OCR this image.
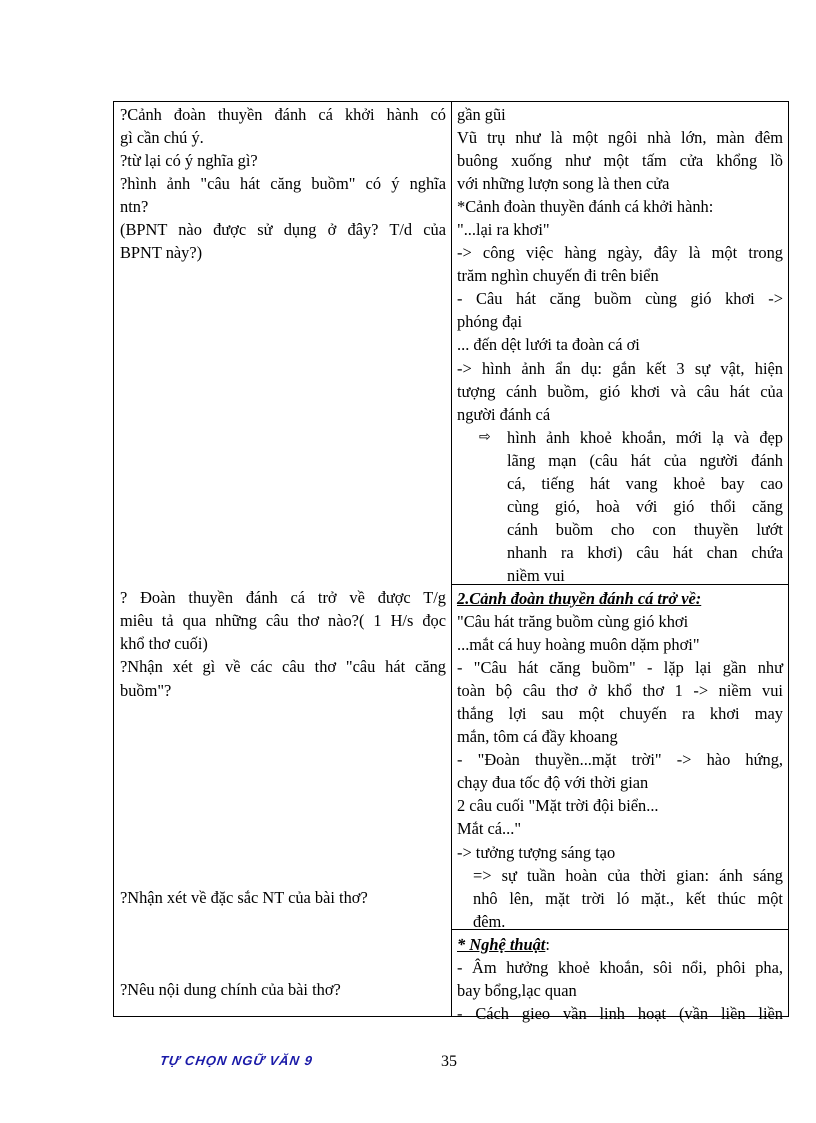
?Cảnh đoàn thuyền đánh cá khởi hành có
gì cần chú ý.
?từ lại có ý nghĩa gì?
?hình ảnh "câu hát căng buồm" có ý nghĩa
ntn?
(BPNT nào được sử dụng ở đây? T/d của
BPNT này?)
? Đoàn thuyền đánh cá trở về được T/g
miêu tả qua những câu thơ nào?( 1 H/s đọc
khổ thơ cuối)
?Nhận xét gì về các câu thơ "câu hát căng
buồm"?
?Nhận xét về đặc sắc NT của bài thơ?
?Nêu nội dung chính của bài thơ?
gần gũi
Vũ trụ như là một ngôi nhà lớn, màn đêm
buông xuống như một tấm cửa khổng lồ
với những lượn song là then cửa
*Cảnh đoàn thuyền đánh cá khởi hành:
"...lại ra khơi"
-> công việc hàng ngày, đây là một trong
trăm nghìn chuyến đi trên biển
- Câu hát căng buồm cùng gió khơi ->
phóng đại
... đến dệt lưới ta đoàn cá ơi
-> hình ảnh ẩn dụ: gắn kết 3 sự vật, hiện
tượng cánh buồm, gió khơi và câu hát của
người đánh cá
⇨ hình ảnh khoẻ khoắn, mới lạ và đẹp
lãng mạn (câu hát của người đánh
cá, tiếng hát vang khoẻ bay cao
cùng gió, hoà với gió thổi căng
cánh buồm cho con thuyền lướt
nhanh ra khơi) câu hát chan chứa
niềm vui
2.Cảnh đoàn thuyền đánh cá trở về:
"Câu hát trăng buồm cùng gió khơi
...mắt cá huy hoàng muôn dặm phơi"
- "Câu hát căng buồm" - lặp lại gần như
toàn bộ câu thơ ở khổ thơ 1 -> niềm vui
thắng lợi sau một chuyến ra khơi may
mắn, tôm cá đầy khoang
- "Đoàn thuyền...mặt trời" -> hào hứng,
chạy đua tốc độ với thời gian
2 câu cuối "Mặt trời đội biển...
Mắt cá..."
-> tưởng tượng sáng tạo
=> sự tuần hoàn của thời gian: ánh sáng
nhô lên, mặt trời ló mặt., kết thúc một
đêm.
* Nghệ thuật:
- Âm hưởng khoẻ khoắn, sôi nổi, phôi pha,
bay bổng,lạc quan
- Cách gieo vần linh hoạt (vần liền liền
TỰ CHỌN NGỮ VĂN 9	35
